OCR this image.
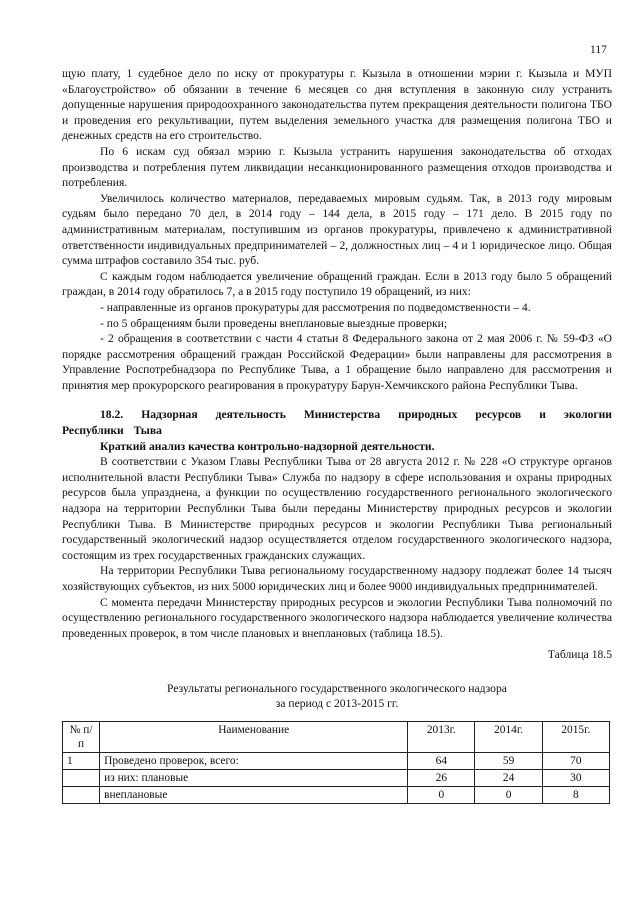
117

щую плату, 1 судебное дело по иску от прокуратуры г. Кызыла в отношении мэрии г. Кызыла и МУП «Благоустройство» об обязании в течение 6 месяцев со дня вступления в законную силу устранить допущенные нарушения природоохранного законодательства путем прекращения деятельности полигона ТБО и проведения его рекультивации, путем выделения земельного участка для размещения полигона ТБО и денежных средств на его строительство.

По 6 искам суд обязал мэрию г. Кызыла устранить нарушения законодательства об отходах производства и потребления путем ликвидации несанкционированного размещения отходов производства и потребления.

Увеличилось количество материалов, передаваемых мировым судьям. Так, в 2013 году мировым судьям было передано 70 дел, в 2014 году – 144 дела, в 2015 году – 171 дело. В 2015 году по административным материалам, поступившим из органов прокуратуры, привлечено к административной ответственности индивидуальных предпринимателей – 2, должностных лиц – 4 и 1 юридическое лицо. Общая сумма штрафов составило 354 тыс. руб.

С каждым годом наблюдается увеличение обращений граждан. Если в 2013 году было 5 обращений граждан, в 2014 году обратилось 7, а в 2015 году поступило 19 обращений, из них:

- направленные из органов прокуратуры для рассмотрения по подведомственности – 4.

- по 5 обращениям были проведены внеплановые выездные проверки;

- 2 обращения в соответствии с части 4 статьи 8 Федерального закона от 2 мая 2006 г. № 59-ФЗ «О порядке рассмотрения обращений граждан Российской Федерации» были направлены для рассмотрения в Управление Роспотребнадзора по Республике Тыва, а 1 обращение было направлено для рассмотрения и принятия мер прокурорского реагирования в прокуратуру Барун-Хемчикского района Республики Тыва.

18.2. Надзорная деятельность Министерства природных ресурсов и экологии Республики Тыва

Краткий анализ качества контрольно-надзорной деятельности.

В соответствии с Указом Главы Республики Тыва от 28 августа 2012 г. № 228 «О структуре органов исполнительной власти Республики Тыва» Служба по надзору в сфере использования и охраны природных ресурсов была упразднена, а функции по осуществлению государственного регионального экологического надзора на территории Республики Тыва были переданы Министерству природных ресурсов и экологии Республики Тыва. В Министерстве природных ресурсов и экологии Республики Тыва региональный государственный экологический надзор осуществляется отделом государственного экологического надзора, состоящим из трех государственных гражданских служащих.

На территории Республики Тыва региональному государственному надзору подлежат более 14 тысяч хозяйствующих субъектов, из них 5000 юридических лиц и более 9000 индивидуальных предпринимателей.

С момента передачи Министерству природных ресурсов и экологии Республики Тыва полномочий по осуществлению регионального государственного экологического надзора наблюдается увеличение количества проведенных проверок, в том числе плановых и внеплановых (таблица 18.5).

Таблица 18.5

Результаты регионального государственного экологического надзора
за период с 2013-2015 гг.

№ п/п	Наименование	2013г.	2014г.	2015г.
1	Проведено проверок, всего:	64	59	70
	из них: плановые	26	24	30
	внеплановые	0	0	8
